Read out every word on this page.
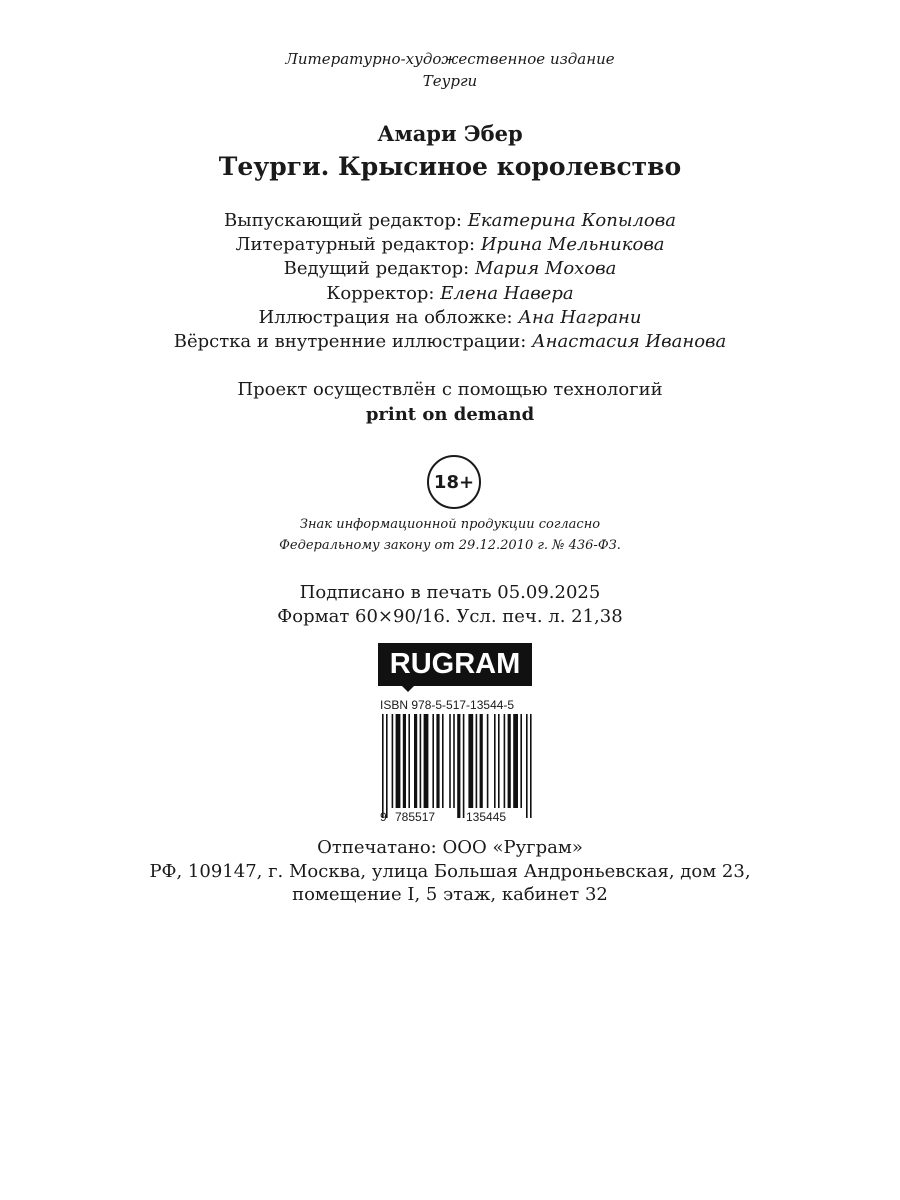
Литературно-художественное издание
Теурги
Амари Эбер
Теурги. Крысиное королевство
Выпускающий редактор: Екатерина Копылова
Литературный редактор: Ирина Мельникова
Ведущий редактор: Мария Мохова
Корректор: Елена Навера
Иллюстрация на обложке: Ана Награни
Вёрстка и внутренние иллюстрации: Анастасия Иванова
Проект осуществлён с помощью технологий
print on demand
18+
Знак информационной продукции согласно
Федеральному закону от 29.12.2010 г. № 436-ФЗ.
Подписано в печать 05.09.2025
Формат 60×90/16. Усл. печ. л. 21,38
RUGRAM
ISBN 978-5-517-13544-5
9 785517	135445
Отпечатано: ООО «Руграм»
РФ, 109147, г. Москва, улица Большая Андроньевская, дом 23,
помещение I, 5 этаж, кабинет 32
